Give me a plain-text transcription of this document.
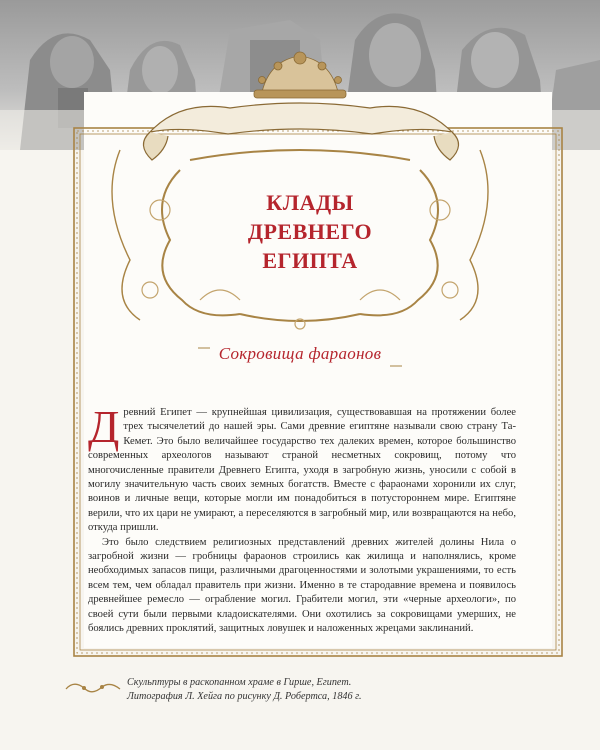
КЛАДЫ
ДРЕВНЕГО ЕГИПТА
Сокровища фараонов

Древний Египет — крупнейшая цивилизация, существовавшая на протяжении более трех тысячелетий до нашей эры. Сами древние египтяне называли свою страну Та-Кемет. Это было величайшее государство тех далеких времен, которое большинство современных археологов называют страной несметных сокровищ, потому что многочисленные правители Древнего Египта, уходя в загробную жизнь, уносили с собой в могилу значительную часть своих земных богатств. Вместе с фараонами хоронили их слуг, воинов и личные вещи, которые могли им понадобиться в потустороннем мире. Египтяне верили, что их цари не умирают, а переселяются в загробный мир, или возвращаются на небо, откуда пришли.

Это было следствием религиозных представлений древних жителей долины Нила о загробной жизни — гробницы фараонов строились как жилища и наполнялись, кроме необходимых запасов пищи, различными драгоценностями и золотыми украшениями, то есть всем тем, чем обладал правитель при жизни. Именно в те стародавние времена и появилось древнейшее ремесло — ограбление могил. Грабители могил, эти «черные археологи», по своей сути были первыми кладоискателями. Они охотились за сокровищами умерших, не боялись древних проклятий, защитных ловушек и наложенных жрецами заклинаний.

Скульптуры в раскопанном храме в Гирше, Египет.

Литография Л. Хейга по рисунку Д. Робертса, 1846 г.
